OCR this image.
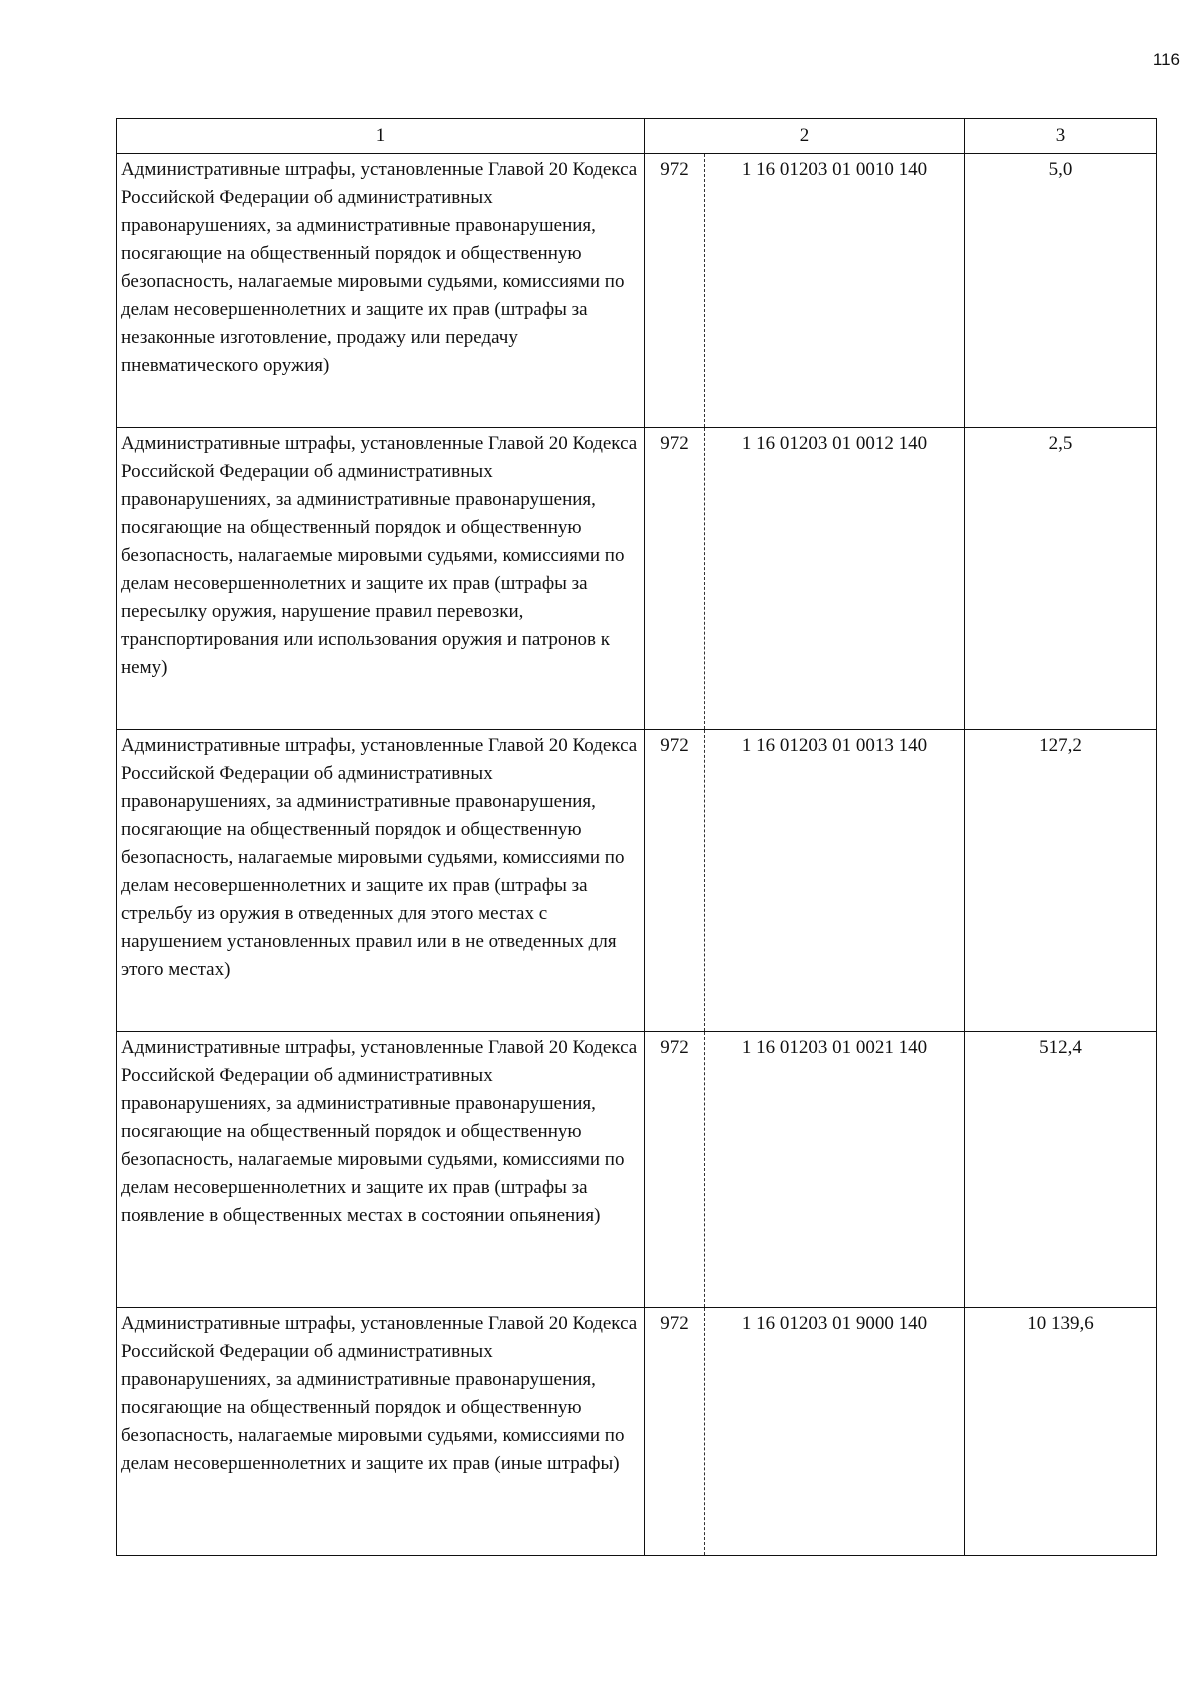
116
1	2		3
Административные штрафы, установленные Главой 20 Кодекса Российской Федерации об административных правонарушениях, за административные правонарушения, посягающие на общественный порядок и общественную безопасность, налагаемые мировыми судьями, комиссиями по делам несовершеннолетних и защите их прав (штрафы за незаконные изготовление, продажу или передачу пневматического оружия)	972	1 16 01203 01 0010 140	5,0
Административные штрафы, установленные Главой 20 Кодекса Российской Федерации об административных правонарушениях, за административные правонарушения, посягающие на общественный порядок и общественную безопасность, налагаемые мировыми судьями, комиссиями по делам несовершеннолетних и защите их прав (штрафы за пересылку оружия, нарушение правил перевозки, транспортирования или использования оружия и патронов к нему)	972	1 16 01203 01 0012 140	2,5
Административные штрафы, установленные Главой 20 Кодекса Российской Федерации об административных правонарушениях, за административные правонарушения, посягающие на общественный порядок и общественную безопасность, налагаемые мировыми судьями, комиссиями по делам несовершеннолетних и защите их прав (штрафы за стрельбу из оружия в отведенных для этого местах с нарушением установленных правил или в не отведенных для этого местах)	972	1 16 01203 01 0013 140	127,2
Административные штрафы, установленные Главой 20 Кодекса Российской Федерации об административных правонарушениях, за административные правонарушения, посягающие на общественный порядок и общественную безопасность, налагаемые мировыми судьями, комиссиями по делам несовершеннолетних и защите их прав (штрафы за появление в общественных местах в состоянии опьянения)	972	1 16 01203 01 0021 140	512,4
Административные штрафы, установленные Главой 20 Кодекса Российской Федерации об административных правонарушениях, за административные правонарушения, посягающие на общественный порядок и общественную безопасность, налагаемые мировыми судьями, комиссиями по делам несовершеннолетних и защите их прав (иные штрафы)	972	1 16 01203 01 9000 140	10 139,6
